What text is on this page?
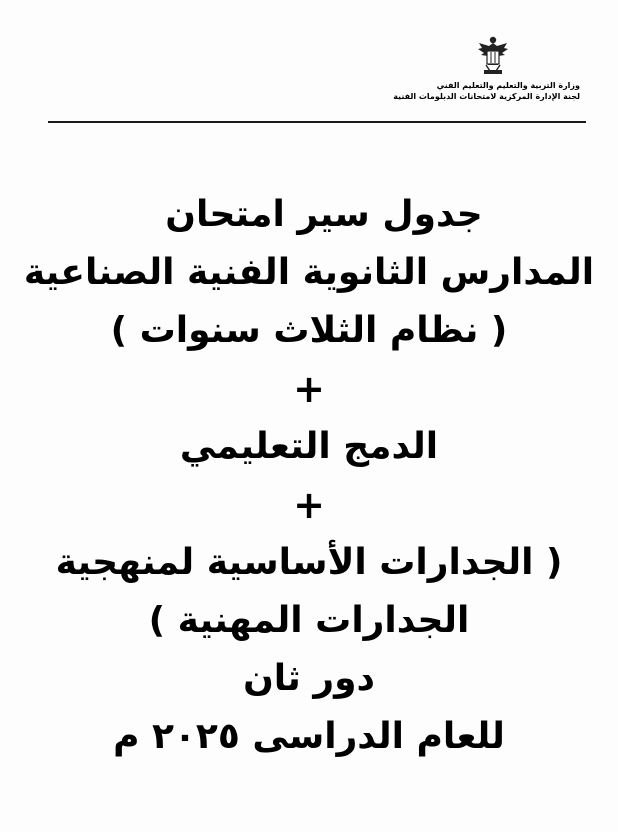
وزارة التربية والتعليم والتعليم الفني
لجنة الإدارة المركزية لامتحانات الدبلومات الفنية
جدول سير امتحان
المدارس الثانوية الفنية الصناعية
( نظام الثلاث سنوات )
+
الدمج التعليمي
+
( الجدارات الأساسية لمنهجية
الجدارات المهنية )
دور ثان
للعام الدراسى ٢٠٢٥ م
